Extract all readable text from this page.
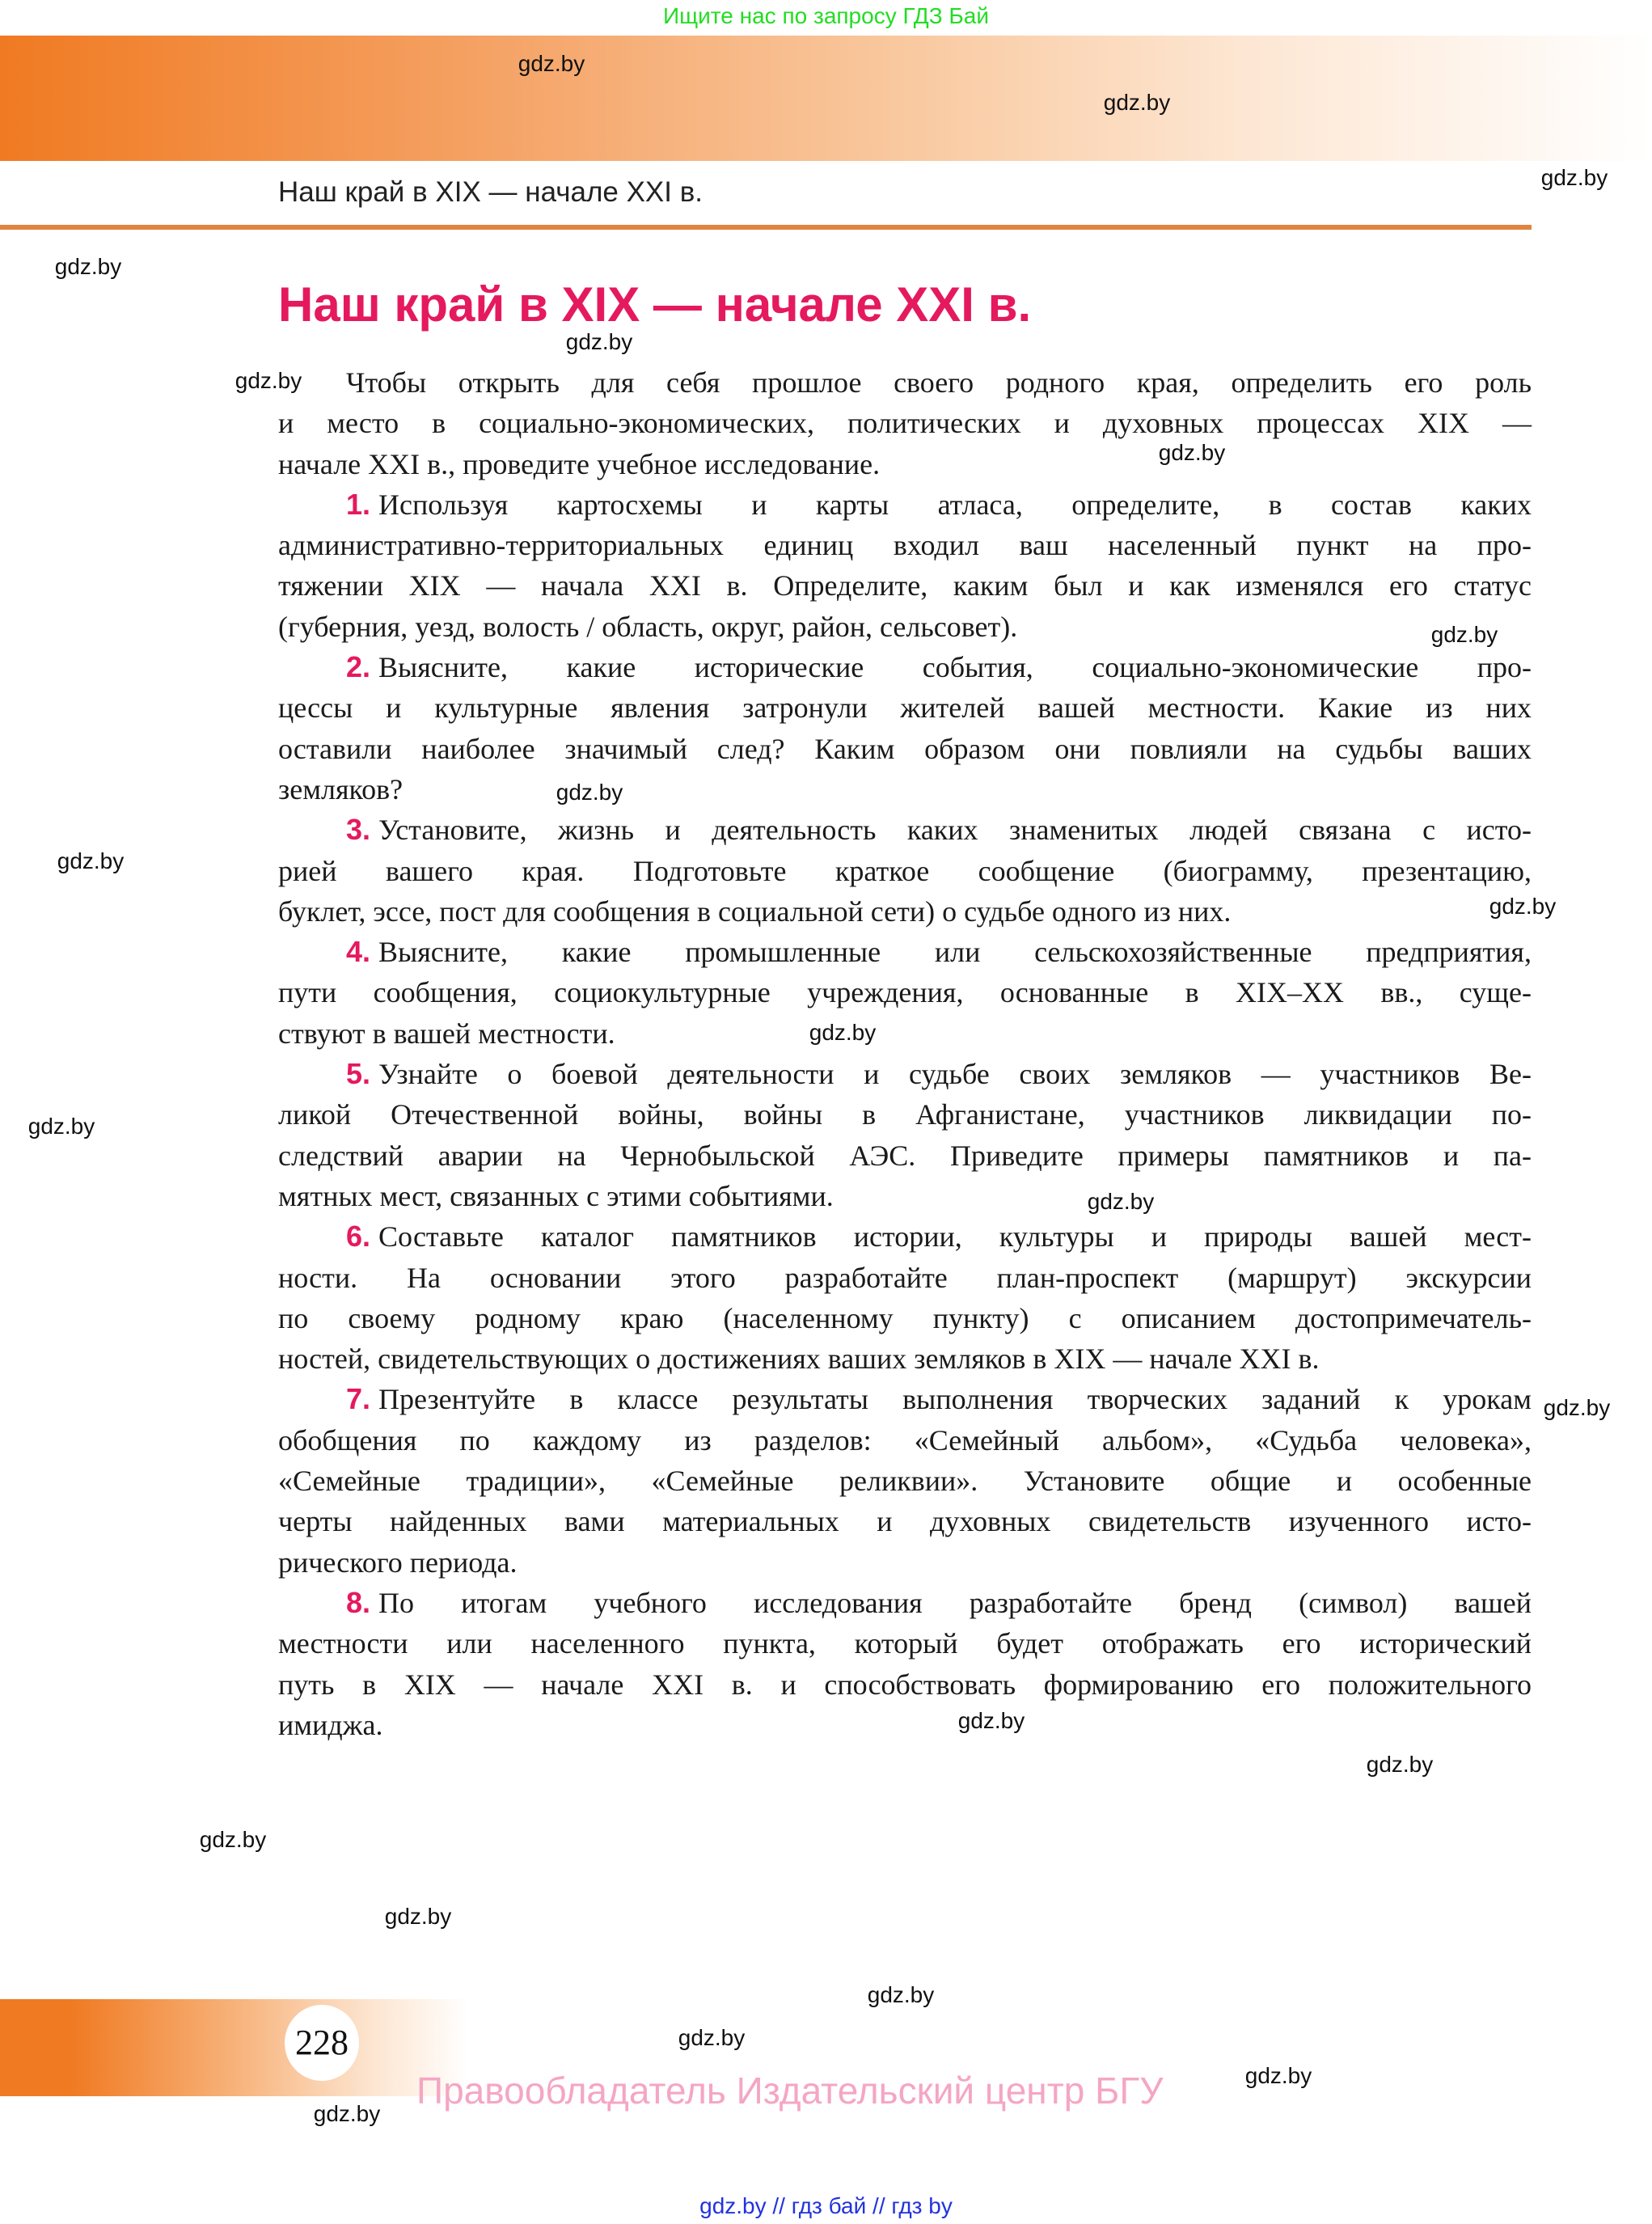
Ищите нас по запросу ГДЗ Бай
Наш край в XIX — начале XXI в.
Наш край в XIX — начале XXI в.
Чтобы открыть для себя прошлое своего родного края, определить его роль
и место в социально-экономических, политических и духовных процессах XIX —
начале XXI в., проведите учебное исследование.
1. Используя картосхемы и карты атласа, определите, в состав каких
административно-территориальных единиц входил ваш населенный пункт на про-
тяжении XIX — начала XXI в. Определите, каким был и как изменялся его статус
(губерния, уезд, волость / область, округ, район, сельсовет).
2. Выясните, какие исторические события, социально-экономические про-
цессы и культурные явления затронули жителей вашей местности. Какие из них
оставили наиболее значимый след? Каким образом они повлияли на судьбы ваших
земляков?
3. Установите, жизнь и деятельность каких знаменитых людей связана с исто-
рией вашего края. Подготовьте краткое сообщение (биограмму, презентацию,
буклет, эссе, пост для сообщения в социальной сети) о судьбе одного из них.
4. Выясните, какие промышленные или сельскохозяйственные предприятия,
пути сообщения, социокультурные учреждения, основанные в XIX–XX вв., суще-
ствуют в вашей местности.
5. Узнайте о боевой деятельности и судьбе своих земляков — участников Ве-
ликой Отечественной войны, войны в Афганистане, участников ликвидации по-
следствий аварии на Чернобыльской АЭС. Приведите примеры памятников и па-
мятных мест, связанных с этими событиями.
6. Составьте каталог памятников истории, культуры и природы вашей мест-
ности. На основании этого разработайте план-проспект (маршрут) экскурсии
по своему родному краю (населенному пункту) с описанием достопримечатель-
ностей, свидетельствующих о достижениях ваших земляков в XIX — начале XXI в.
7. Презентуйте в классе результаты выполнения творческих заданий к урокам
обобщения по каждому из разделов: «Семейный альбом», «Судьба человека»,
«Семейные традиции», «Семейные реликвии». Установите общие и особенные
черты найденных вами материальных и духовных свидетельств изученного исто-
рического периода.
8. По итогам учебного исследования разработайте бренд (символ) вашей
местности или населенного пункта, который будет отображать его исторический
путь в XIX — начале XXI в. и способствовать формированию его положительного
имиджа.
228
Правообладатель Издательский центр БГУ
gdz.by // гдз бай // гдз by
gdz.by
gdz.by
gdz.by
gdz.by
gdz.by
gdz.by
gdz.by
gdz.by
gdz.by
gdz.by
gdz.by
gdz.by
gdz.by
gdz.by
gdz.by
gdz.by
gdz.by
gdz.by
gdz.by
gdz.by
gdz.by
gdz.by
gdz.by
